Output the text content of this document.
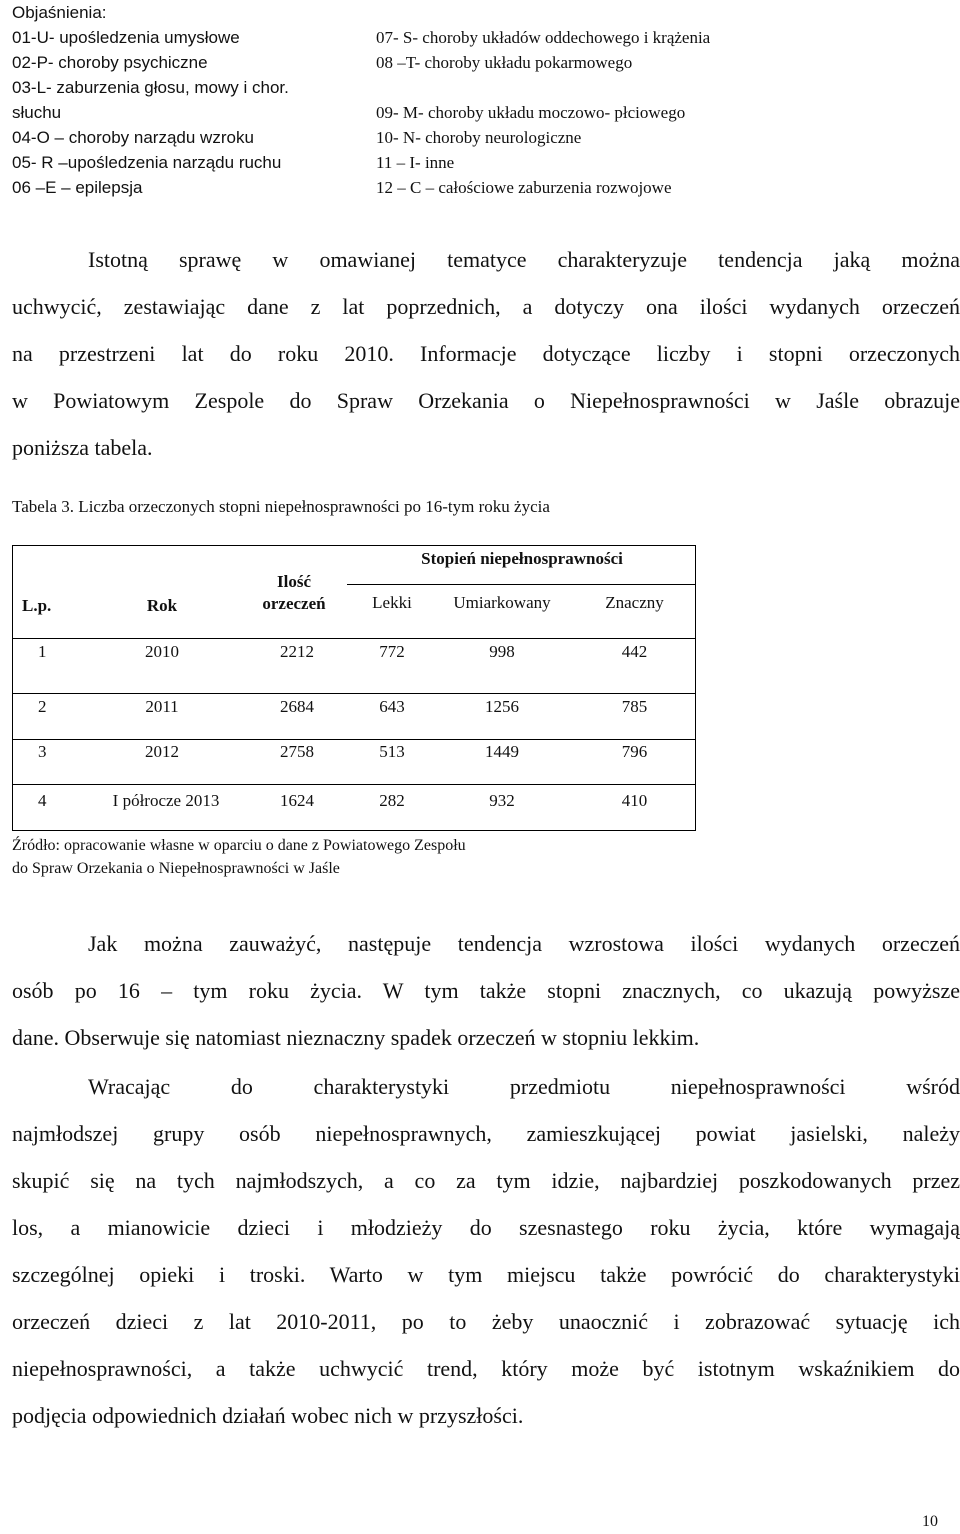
Objaśnienia:
01-U- upośledzenia umysłowe
02-P- choroby psychiczne
03-L- zaburzenia głosu, mowy i chor.
słuchu
04-O – choroby narządu wzroku
05- R –upośledzenia narządu ruchu
06 –E – epilepsja
07- S- choroby układów oddechowego i krążenia
08 –T- choroby układu pokarmowego
09- M- choroby układu moczowo- płciowego
10- N- choroby neurologiczne
11 – I- inne
12 – C – całościowe zaburzenia rozwojowe
Istotną sprawę w omawianej tematyce charakteryzuje tendencja jaką można
uchwycić, zestawiając dane z lat poprzednich, a dotyczy ona ilości wydanych orzeczeń
na przestrzeni lat do roku 2010. Informacje dotyczące liczby i stopni orzeczonych
w Powiatowym Zespole do Spraw Orzekania o Niepełnosprawności w Jaśle obrazuje
poniższa tabela.
Tabela 3. Liczba orzeczonych stopni niepełnosprawności po 16-tym roku życia
L.p.	Rok
Ilość orzeczeń
Stopień niepełnosprawności
Lekki	Umiarkowany	Znaczny
1	2010	2212	772	998	442
2	2011	2684	643	1256	785
3	2012	2758	513	1449	796
4	I półrocze 2013	1624	282	932	410
Źródło: opracowanie własne w oparciu o dane z Powiatowego Zespołu
do Spraw Orzekania o Niepełnosprawności w Jaśle
Jak można zauważyć, następuje tendencja wzrostowa ilości wydanych orzeczeń
osób po 16 – tym roku życia. W tym także stopni znacznych, co ukazują powyższe
dane. Obserwuje się natomiast nieznaczny spadek orzeczeń w stopniu lekkim.
Wracając do charakterystyki przedmiotu niepełnosprawności wśród
najmłodszej grupy osób niepełnosprawnych, zamieszkującej powiat jasielski, należy
skupić się na tych najmłodszych, a co za tym idzie, najbardziej poszkodowanych przez
los, a mianowicie dzieci i młodzieży do szesnastego roku życia, które wymagają
szczególnej opieki i troski. Warto w tym miejscu także powrócić do charakterystyki
orzeczeń dzieci z lat 2010-2011, po to żeby unaocznić i zobrazować sytuację ich
niepełnosprawności, a także uchwycić trend, który może być istotnym wskaźnikiem do
podjęcia odpowiednich działań wobec nich w przyszłości.
10
